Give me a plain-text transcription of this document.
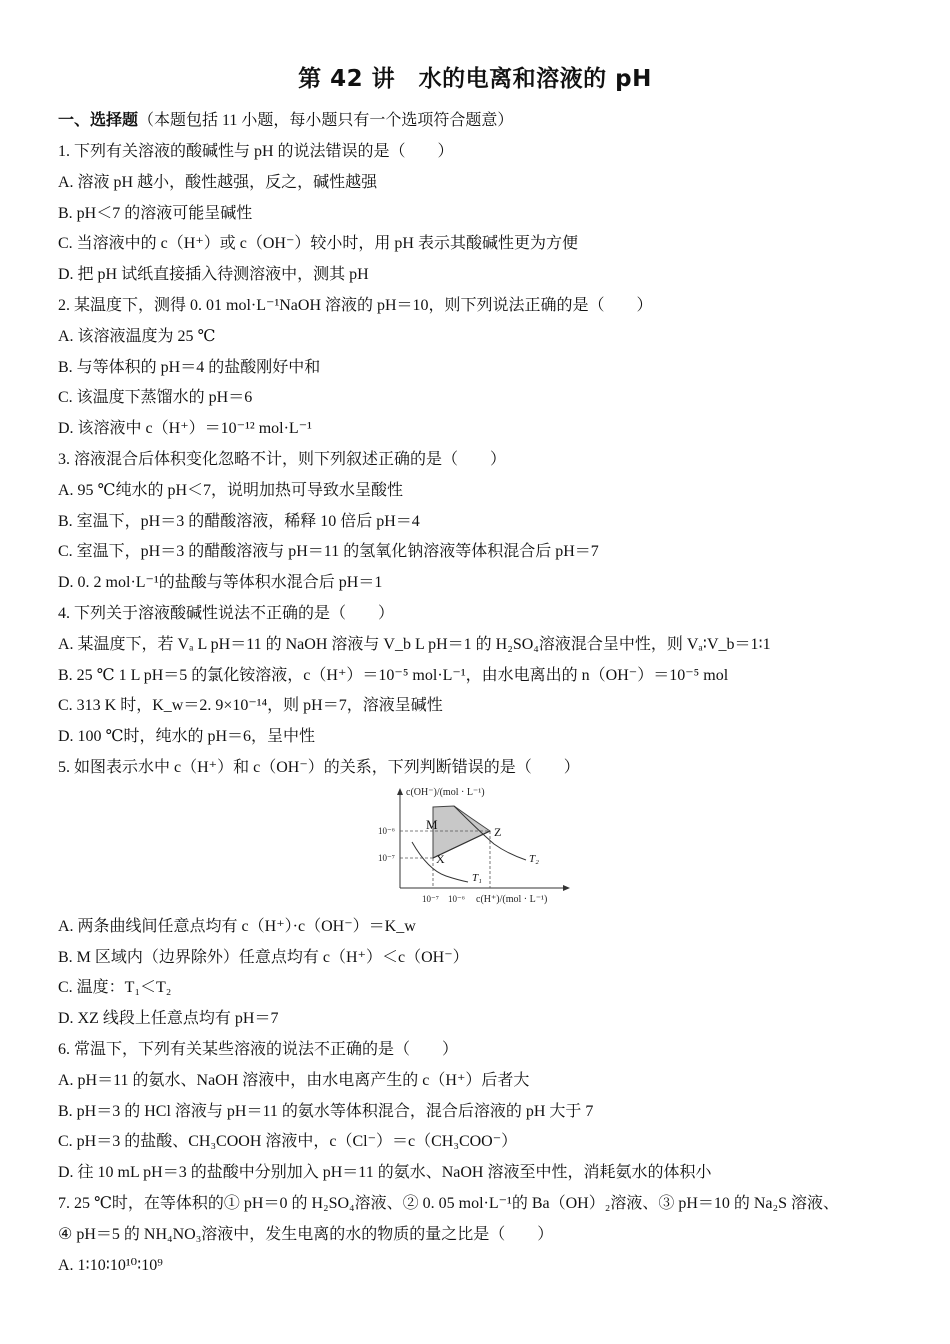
第 42 讲　水的电离和溶液的 pH
一、选择题（本题包括 11 小题，每小题只有一个选项符合题意）
1. 下列有关溶液的酸碱性与 pH 的说法错误的是（　　）
A. 溶液 pH 越小，酸性越强，反之，碱性越强
B. pH＜7 的溶液可能呈碱性
C. 当溶液中的 c（H⁺）或 c（OH⁻）较小时，用 pH 表示其酸碱性更为方便
D. 把 pH 试纸直接插入待测溶液中，测其 pH
2. 某温度下，测得 0. 01 mol·L⁻¹NaOH 溶液的 pH＝10，则下列说法正确的是（　　）
A. 该溶液温度为 25 ℃
B. 与等体积的 pH＝4 的盐酸刚好中和
C. 该温度下蒸馏水的 pH＝6
D. 该溶液中 c（H⁺）＝10⁻¹² mol·L⁻¹
3. 溶液混合后体积变化忽略不计，则下列叙述正确的是（　　）
A. 95 ℃纯水的 pH＜7，说明加热可导致水呈酸性
B. 室温下，pH＝3 的醋酸溶液，稀释 10 倍后 pH＝4
C. 室温下，pH＝3 的醋酸溶液与 pH＝11 的氢氧化钠溶液等体积混合后 pH＝7
D. 0. 2 mol·L⁻¹的盐酸与等体积水混合后 pH＝1
4. 下列关于溶液酸碱性说法不正确的是（　　）
A. 某温度下，若 Vₐ L pH＝11 的 NaOH 溶液与 V_b L pH＝1 的 H₂SO₄溶液混合呈中性，则 Vₐ∶V_b＝1∶1
B. 25 ℃ 1 L pH＝5 的氯化铵溶液，c（H⁺）＝10⁻⁵ mol·L⁻¹，由水电离出的 n（OH⁻）＝10⁻⁵ mol
C. 313 K 时，K_w＝2. 9×10⁻¹⁴，则 pH＝7，溶液呈碱性
D. 100 ℃时，纯水的 pH＝6，呈中性
5. 如图表示水中 c（H⁺）和 c（OH⁻）的关系，下列判断错误的是（　　）
c(OH⁻)/(mol · L⁻¹)
c(H⁺)/(mol · L⁻¹)
10⁻⁶
10⁻⁷
10⁻⁷ 10⁻⁶
M	Z
X
T₁
T₂
A. 两条曲线间任意点均有 c（H⁺）·c（OH⁻）＝K_w
B. M 区域内（边界除外）任意点均有 c（H⁺）＜c（OH⁻）
C. 温度：T₁＜T₂
D. XZ 线段上任意点均有 pH＝7
6. 常温下，下列有关某些溶液的说法不正确的是（　　）
A. pH＝11 的氨水、NaOH 溶液中，由水电离产生的 c（H⁺）后者大
B. pH＝3 的 HCl 溶液与 pH＝11 的氨水等体积混合，混合后溶液的 pH 大于 7
C. pH＝3 的盐酸、CH₃COOH 溶液中，c（Cl⁻）＝c（CH₃COO⁻）
D. 往 10 mL pH＝3 的盐酸中分别加入 pH＝11 的氨水、NaOH 溶液至中性，消耗氨水的体积小
7. 25 ℃时，在等体积的① pH＝0 的 H₂SO₄溶液、② 0. 05 mol·L⁻¹的 Ba（OH）₂溶液、③ pH＝10 的 Na₂S 溶液、
④ pH＝5 的 NH₄NO₃溶液中，发生电离的水的物质的量之比是（　　）
A. 1∶10∶10¹⁰∶10⁹
